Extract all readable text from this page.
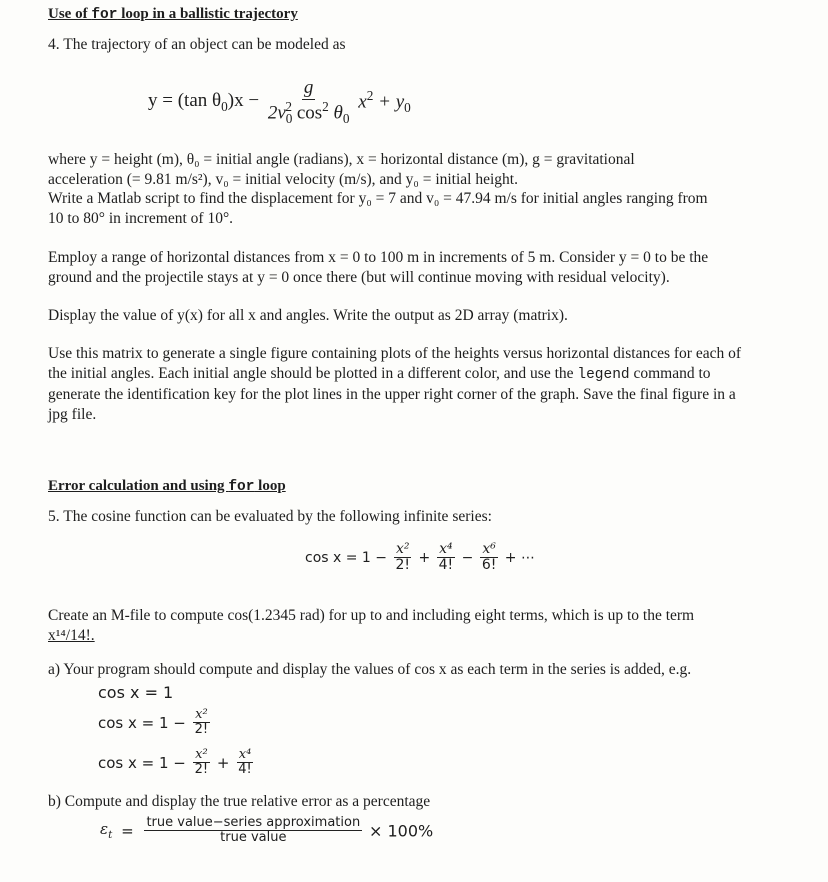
Use of for loop in a ballistic trajectory
4. The trajectory of an object can be modeled as
y = (tan $\theta_0)x - \frac{g}{2v_0^2 \cos^2 \theta_0} x^2 + y_0$
where y = height (m), θ₀ = initial angle (radians), x = horizontal distance (m), g = gravitational
acceleration (= 9.81 m/s²), v₀ = initial velocity (m/s), and y₀ = initial height.
Write a Matlab script to find the displacement for y₀ = 7 and v₀ = 47.94 m/s for initial angles ranging from
10 to 80° in increment of 10°.
Employ a range of horizontal distances from x = 0 to 100 m in increments of 5 m. Consider y = 0 to be the
ground and the projectile stays at y = 0 once there (but will continue moving with residual velocity).
Display the value of y(x) for all x and angles. Write the output as 2D array (matrix).
Use this matrix to generate a single figure containing plots of the heights versus horizontal distances for each of
the initial angles. Each initial angle should be plotted in a different color, and use the legend command to
generate the identification key for the plot lines in the upper right corner of the graph. Save the final figure in a
jpg file.
Error calculation and using for loop
5. The cosine function can be evaluated by the following infinite series:
$\cos x = 1 - \frac{\text{x²}}{2!} + \frac{\text{x⁴}}{4!} - \frac{\text{x⁶}}{6!}$ + ⋯
Create an M-file to compute cos(1.2345 rad) for up to and including eight terms, which is up to the term
x¹⁴/14!.
a) Your program should compute and display the values of cos x as each term in the series is added, e.g.
cos x = 1
$\cos x = 1 - \frac{\text{x²}}{2!}$
$\cos x = 1 - \frac{\text{x²}}{2!} + \frac{\text{x⁴}}{4!}$
b) Compute and display the true relative error as a percentage
$\varepsilon_t = \frac{\text{true value−series approximation}}{\text{true value}} \times 100\%$
